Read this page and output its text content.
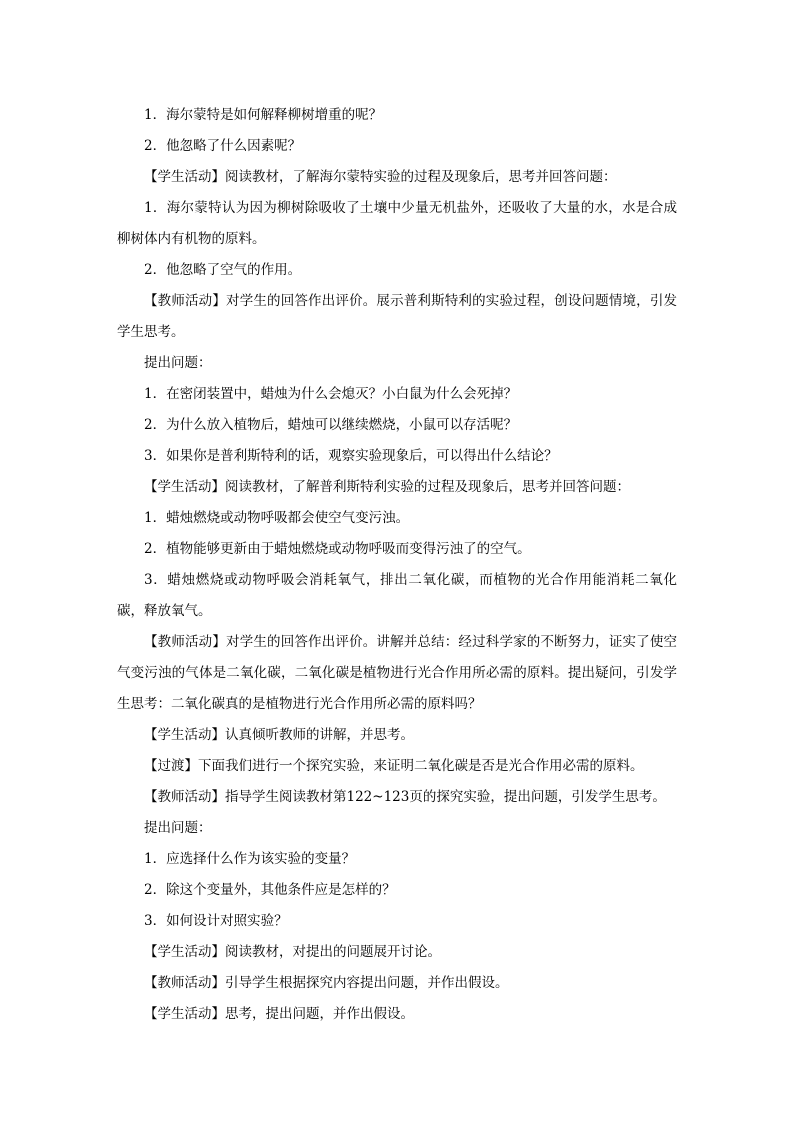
1．海尔蒙特是如何解释柳树增重的呢？

2．他忽略了什么因素呢？

【学生活动】阅读教材，了解海尔蒙特实验的过程及现象后，思考并回答问题：

1．海尔蒙特认为因为柳树除吸收了土壤中少量无机盐外，还吸收了大量的水，水是合成柳树体内有机物的原料。

2．他忽略了空气的作用。

【教师活动】对学生的回答作出评价。展示普利斯特利的实验过程，创设问题情境，引发学生思考。

提出问题：

1．在密闭装置中，蜡烛为什么会熄灭？小白鼠为什么会死掉？

2．为什么放入植物后，蜡烛可以继续燃烧，小鼠可以存活呢？

3．如果你是普利斯特利的话，观察实验现象后，可以得出什么结论？

【学生活动】阅读教材，了解普利斯特利实验的过程及现象后，思考并回答问题：

1．蜡烛燃烧或动物呼吸都会使空气变污浊。

2．植物能够更新由于蜡烛燃烧或动物呼吸而变得污浊了的空气。

3．蜡烛燃烧或动物呼吸会消耗氧气，排出二氧化碳，而植物的光合作用能消耗二氧化碳，释放氧气。

【教师活动】对学生的回答作出评价。讲解并总结：经过科学家的不断努力，证实了使空气变污浊的气体是二氧化碳，二氧化碳是植物进行光合作用所必需的原料。提出疑问，引发学生思考：二氧化碳真的是植物进行光合作用所必需的原料吗？

【学生活动】认真倾听教师的讲解，并思考。

【过渡】下面我们进行一个探究实验，来证明二氧化碳是否是光合作用必需的原料。

【教师活动】指导学生阅读教材第122~123页的探究实验，提出问题，引发学生思考。

提出问题：

1．应选择什么作为该实验的变量？

2．除这个变量外，其他条件应是怎样的？

3．如何设计对照实验？

【学生活动】阅读教材，对提出的问题展开讨论。

【教师活动】引导学生根据探究内容提出问题，并作出假设。

【学生活动】思考，提出问题，并作出假设。
